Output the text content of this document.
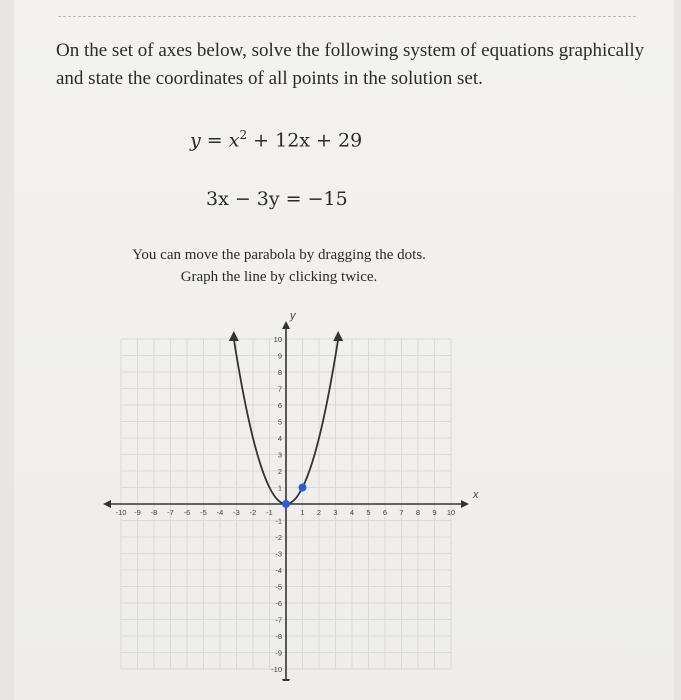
On the set of axes below, solve the following system of equations graphically and state the coordinates of all points in the solution set.
$y = x^2 + 12x + 29$
3x − 3y = −15
You can move the parabola by dragging the dots.
Graph the line by clicking twice.
-10 -9 -8 -7 -6 -5 -4 -3 -2 -1	1 2 3 4 5 6 7 8 9 10
-10
-9
-8
-7
-6
-5
-4
-3
-2
-1
1
2
3
4
5
6
7
8
9
10
x
y
